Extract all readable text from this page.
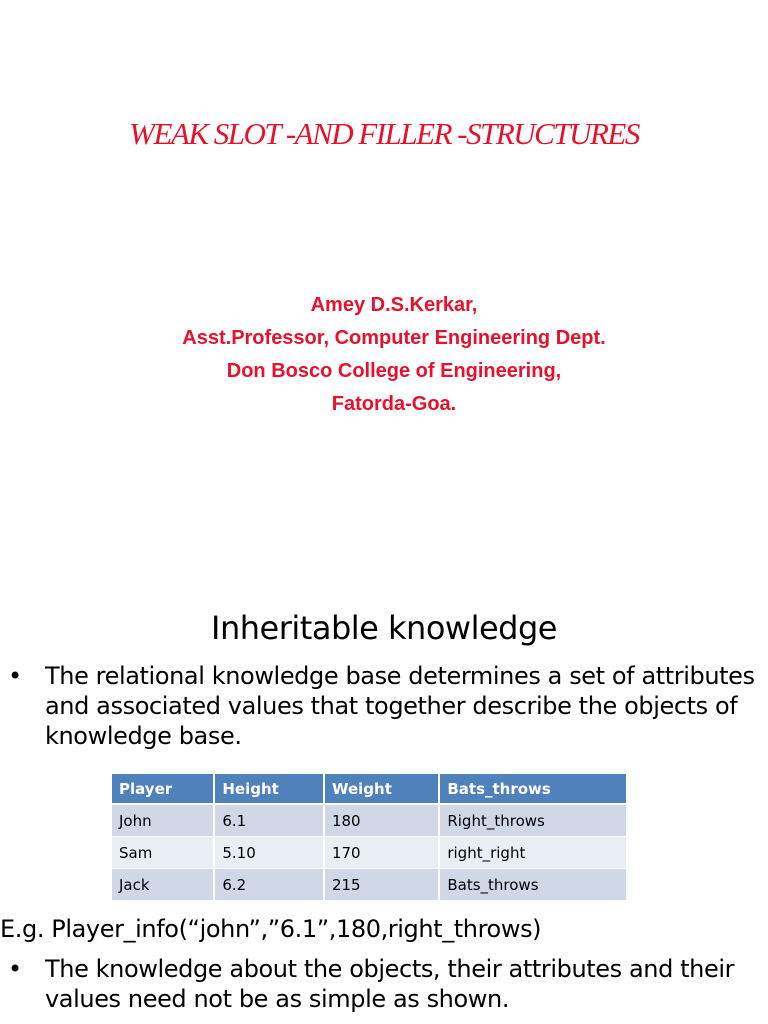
WEAK SLOT -AND FILLER -STRUCTURES
Amey D.S.Kerkar,
Asst.Professor, Computer Engineering Dept.
Don Bosco College of Engineering,
Fatorda-Goa.
Inheritable knowledge
• The relational knowledge base determines a set of attributes and associated values that together describe the objects of knowledge base.
Player	Height	Weight	Bats_throws
John	6.1	180	Right_throws
Sam	5.10	170	right_right
Jack	6.2	215	Bats_throws
E.g. Player_info(“john”,”6.1”,180,right_throws)
• The knowledge about the objects, their attributes and their values need not be as simple as shown.
